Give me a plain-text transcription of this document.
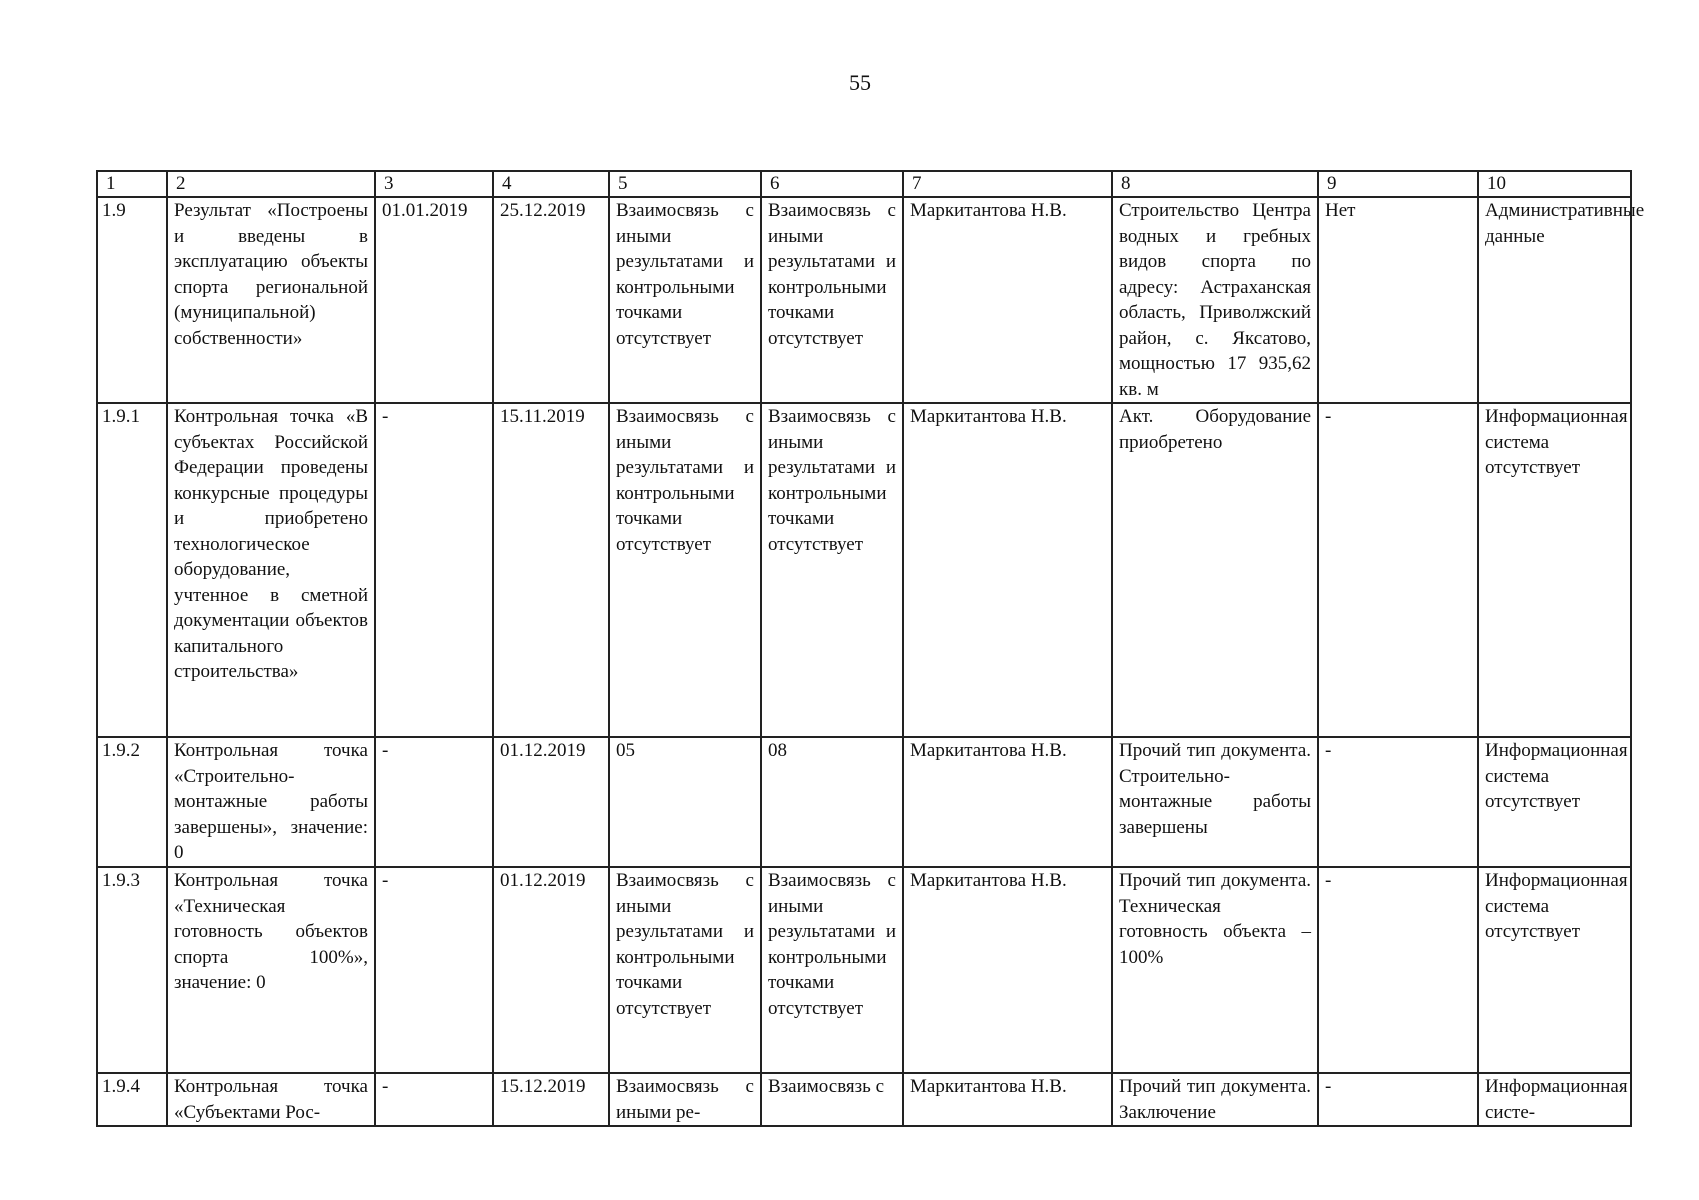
55
1	2	3	4	5	6	7	8	9	10
1.9	Результат «Построены и введены в эксплуатацию объекты спорта региональной (муниципальной) собственности»	01.01.2019	25.12.2019	Взаимосвязь с иными результатами и контрольными точками отсутствует	Взаимосвязь с иными результатами и контрольными точками отсутствует	Маркитантова Н.В.	Строительство Центра водных и гребных видов спорта по адресу: Астраханская область, Приволжский район, с. Яксатово, мощностью 17 935,62 кв. м	Нет	Административные данные
1.9.1	Контрольная точка «В субъектах Российской Федерации проведены конкурсные процедуры и приобретено технологическое оборудование, учтенное в сметной документации объектов капитального строительства»	-	15.11.2019	Взаимосвязь с иными результатами и контрольными точками отсутствует	Взаимосвязь с иными результатами и контрольными точками отсутствует	Маркитантова Н.В.	Акт. Оборудование приобретено	-	Информационная система отсутствует
1.9.2	Контрольная точка «Строительно-монтажные работы завершены», значение: 0	-	01.12.2019	05	08	Маркитантова Н.В.	Прочий тип документа. Строительно-монтажные работы завершены	-	Информационная система отсутствует
1.9.3	Контрольная точка «Техническая готовность объектов спорта 100%», значение: 0	-	01.12.2019	Взаимосвязь с иными результатами и контрольными точками отсутствует	Взаимосвязь с иными результатами и контрольными точками отсутствует	Маркитантова Н.В.	Прочий тип документа. Техническая готовность объекта – 100%	-	Информационная система отсутствует
1.9.4	Контрольная точка «Субъектами Рос-	-	15.12.2019	Взаимосвязь с иными ре-	Взаимосвязь с	Маркитантова Н.В.	Прочий тип документа. Заключение	-	Информационная систе-
